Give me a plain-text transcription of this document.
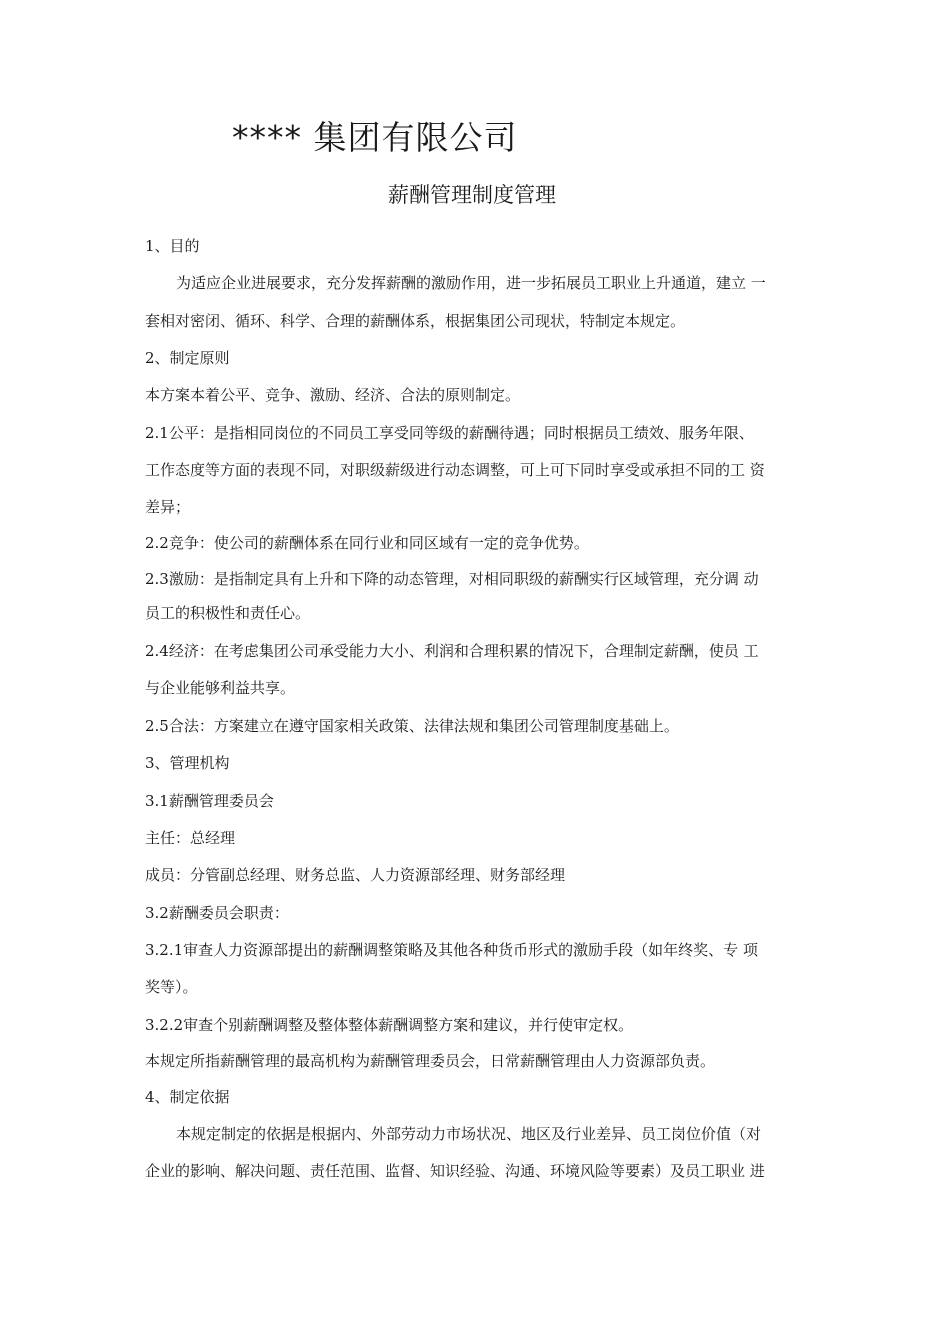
**** 集团有限公司
薪酬管理制度管理
1、目的
为适应企业进展要求，充分发挥薪酬的激励作用，进一步拓展员工职业上升通道，建立 一
套相对密闭、循环、科学、合理的薪酬体系，根据集团公司现状，特制定本规定。
2、制定原则
本方案本着公平、竞争、激励、经济、合法的原则制定。
2.1公平：是指相同岗位的不同员工享受同等级的薪酬待遇；同时根据员工绩效、服务年限、
工作态度等方面的表现不同，对职级薪级进行动态调整，可上可下同时享受或承担不同的工 资
差异；
2.2竞争：使公司的薪酬体系在同行业和同区域有一定的竞争优势。
2.3激励：是指制定具有上升和下降的动态管理，对相同职级的薪酬实行区域管理，充分调 动
员工的积极性和责任心。
2.4经济：在考虑集团公司承受能力大小、利润和合理积累的情况下，合理制定薪酬，使员 工
与企业能够利益共享。
2.5合法：方案建立在遵守国家相关政策、法律法规和集团公司管理制度基础上。
3、管理机构
3.1薪酬管理委员会
主任：总经理
成员：分管副总经理、财务总监、人力资源部经理、财务部经理
3.2薪酬委员会职责：
3.2.1审查人力资源部提出的薪酬调整策略及其他各种货币形式的激励手段（如年终奖、专 项
奖等）。
3.2.2审查个别薪酬调整及整体整体薪酬调整方案和建议，并行使审定权。
本规定所指薪酬管理的最高机构为薪酬管理委员会，日常薪酬管理由人力资源部负责。
4、制定依据
本规定制定的依据是根据内、外部劳动力市场状况、地区及行业差异、员工岗位价值（对
企业的影响、解决问题、责任范围、监督、知识经验、沟通、环境风险等要素）及员工职业 进
